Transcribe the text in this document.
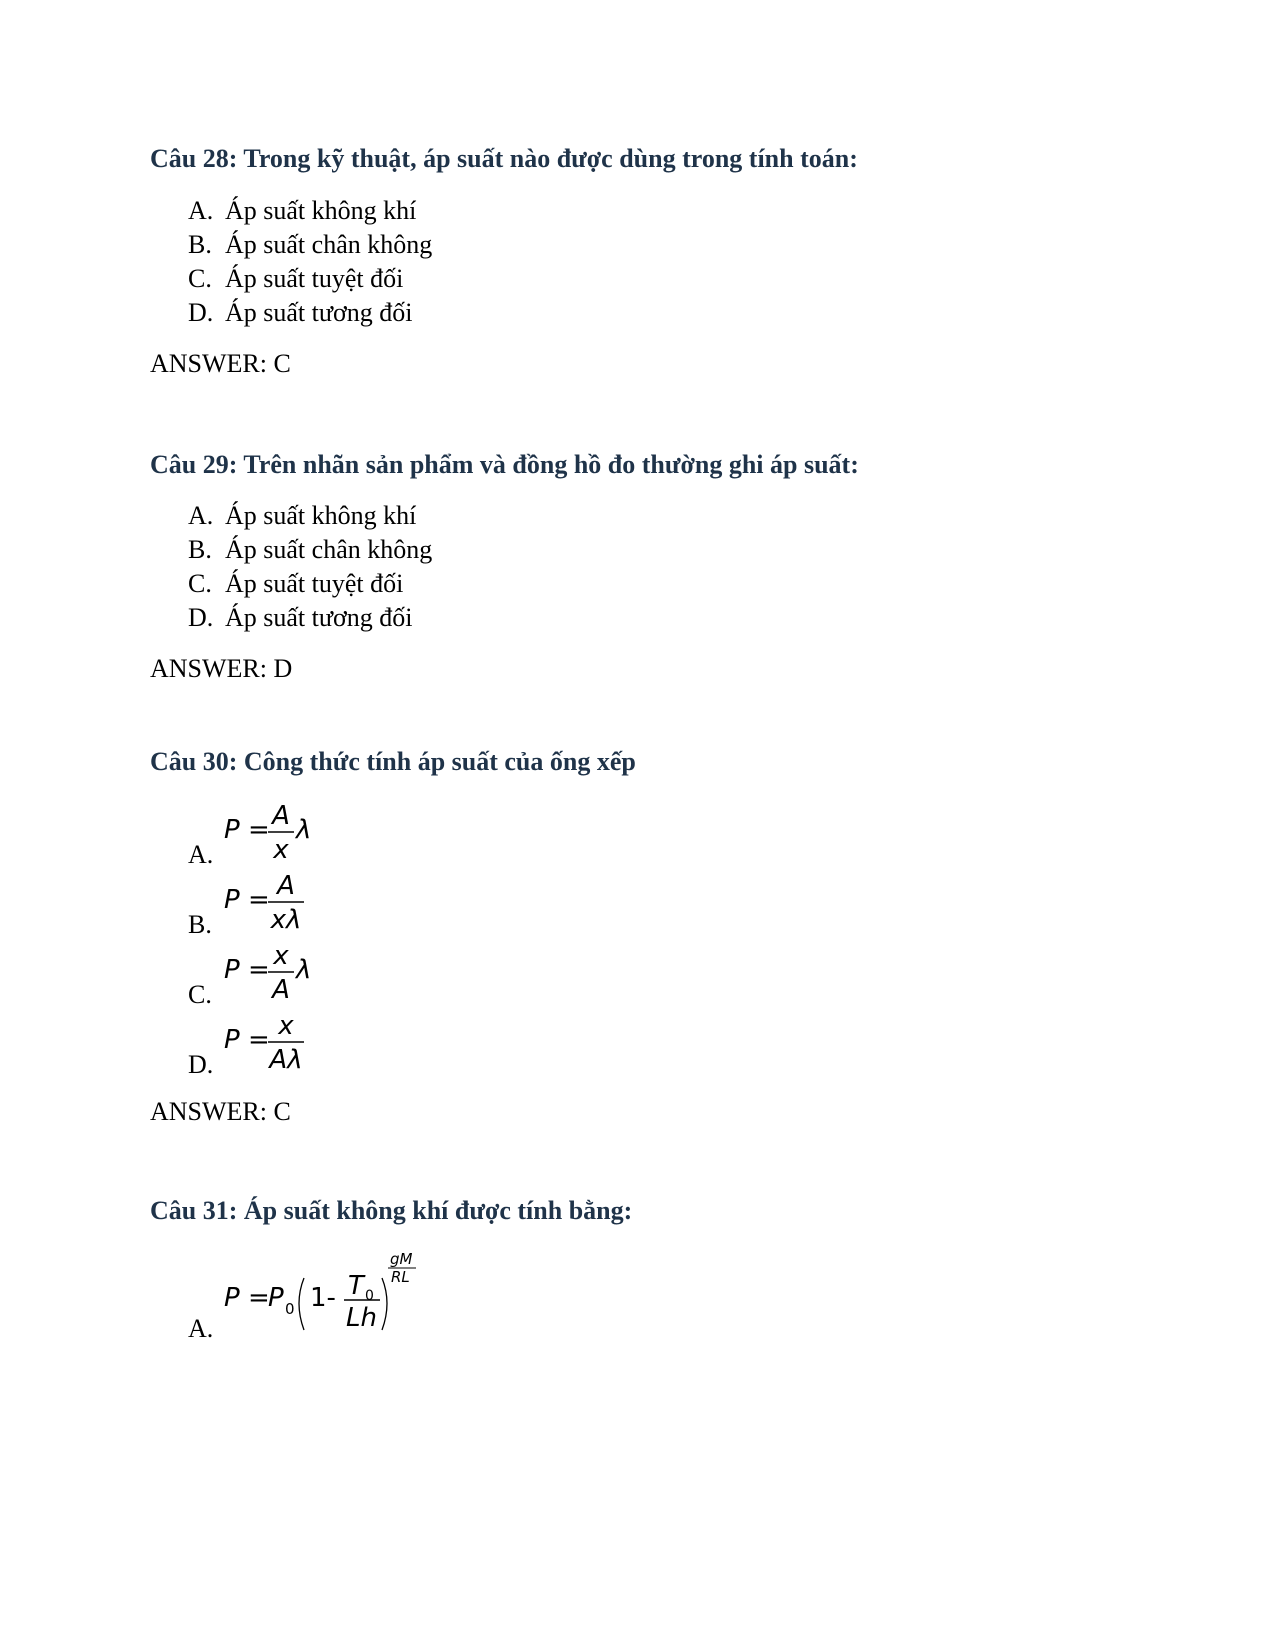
Câu 28: Trong kỹ thuật, áp suất nào được dùng trong tính toán:
A. Áp suất không khí
B. Áp suất chân không
C. Áp suất tuyệt đối
D. Áp suất tương đối
ANSWER: C
Câu 29: Trên nhãn sản phẩm và đồng hồ đo thường ghi áp suất:
A. Áp suất không khí
B. Áp suất chân không
C. Áp suất tuyệt đối
D. Áp suất tương đối
ANSWER: D
Câu 30: Công thức tính áp suất của ống xếp
A.
P = A
x
λ
B.
P = A
xλ
C.
P = x
A
λ
D.
P = x
Aλ
ANSWER: C
Câu 31: Áp suất không khí được tính bằng:
A.
P =
P 0 1- T 0
Lh
gM
RL
